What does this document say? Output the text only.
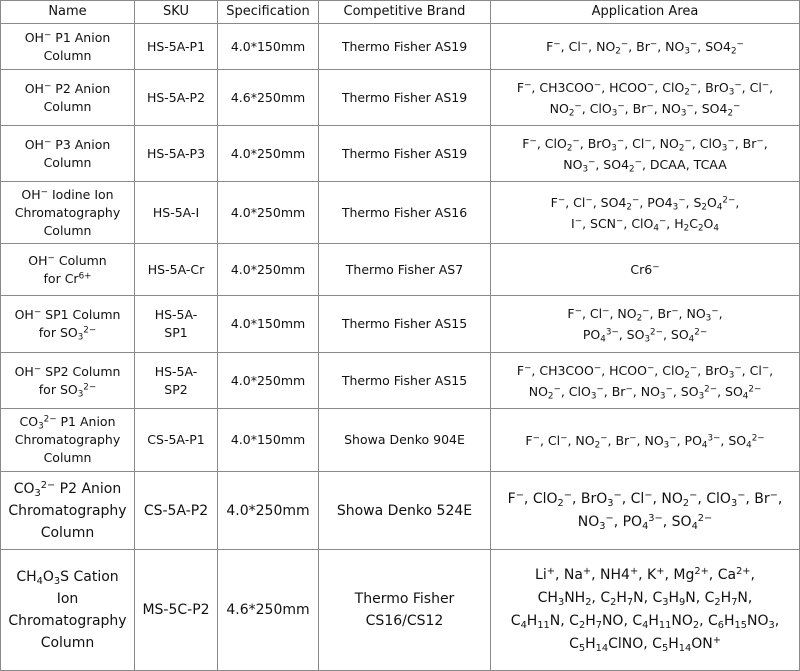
Name	SKU	Specification	Competitive Brand	Application Area
OH− P1 Anion Column	HS-5A-P1	4.0*150mm	Thermo Fisher AS19	F−, Cl−, $NO_2^-$, Br−, $NO_3^-$, $SO4_2^-$
OH− P2 Anion Column	HS-5A-P2	4.6*250mm	Thermo Fisher AS19	F−, CH3COO−, HCOO−, ClO$_2$−, BrO$_3$−, Cl−,
$NO_2^-$, ClO$_3$−, Br−, $NO_3^-$, $SO4_2^-$
OH− P3 Anion Column	HS-5A-P3	4.0*250mm	Thermo Fisher AS19	F−, ClO$_2$−, BrO$_3$−, Cl−, $NO_2^-$, ClO$_3$−, Br−,
$NO_3^-$, $SO4_2^-$, DCAA, TCAA
OH− Iodine Ion
Chromatography
Column	HS-5A-I	4.0*250mm	Thermo Fisher AS16	F−, Cl−, $SO4_2^-$, $PO4_3^-$, $S_2O_4^{2-}$,
I−, SCN−, ClO$_4$−, $H_2C_2O_4$
OH− Column
for $Cr^{6+}$	HS-5A-Cr	4.0*250mm	Thermo Fisher AS7	Cr6−
OH− SP1 Column
for $SO_3^{2-}$	HS-5A-
SP1	4.0*150mm	Thermo Fisher AS15	F−, Cl−, $NO_2^-$, Br−, $NO_3^-$,
$PO_4^{3-}$, $SO_3^{2-}$, $SO_4^{2-}$
OH− SP2 Column
for $SO_3^{2-}$	HS-5A-
SP2	4.0*250mm	Thermo Fisher AS15	F−, CH3COO−, HCOO−, ClO$_2$−, BrO$_3$−, Cl−,
$NO_2^-$, ClO$_3$−, Br−, $NO_3^-$, $SO_3^{2-}$, $SO_4^{2-}$
$CO_3^{2-}$ P1 Anion
Chromatography
Column	CS-5A-P1	4.0*150mm	Showa Denko 904E	F−, Cl−, $NO_2^-$, Br−, $NO_3^-$, $PO_4^{3-}$, $SO_4^{2-}$
$CO_3^{2-}$ P2 Anion
Chromatography
Column	CS-5A-P2	4.0*250mm	Showa Denko 524E	F−, ClO$_2$−, BrO$_3$−, Cl−, $NO_2^-$, ClO$_3$−, Br−,
$NO_3^-$, $PO_4^{3-}$, $SO_4^{2-}$
$CH_4O_3S$ Cation Ion
Chromatography
Column	MS-5C-P2	4.6*250mm	Thermo Fisher
CS16/CS12	Li+, Na+, NH4+, K+, $Mg^{2+}$, $Ca^{2+}$,
$CH_3NH_2$, $C_2H_7N$, $C_3H_9N$, $C_2H_7N$,
$C_4H_{11}N$, $C_2H_7NO$, $C_4H_{11}NO_2$, $C_6H_{15}NO_3$,
$C_5H_{14}ClNO$, $C_5H_{14}ON^+$
